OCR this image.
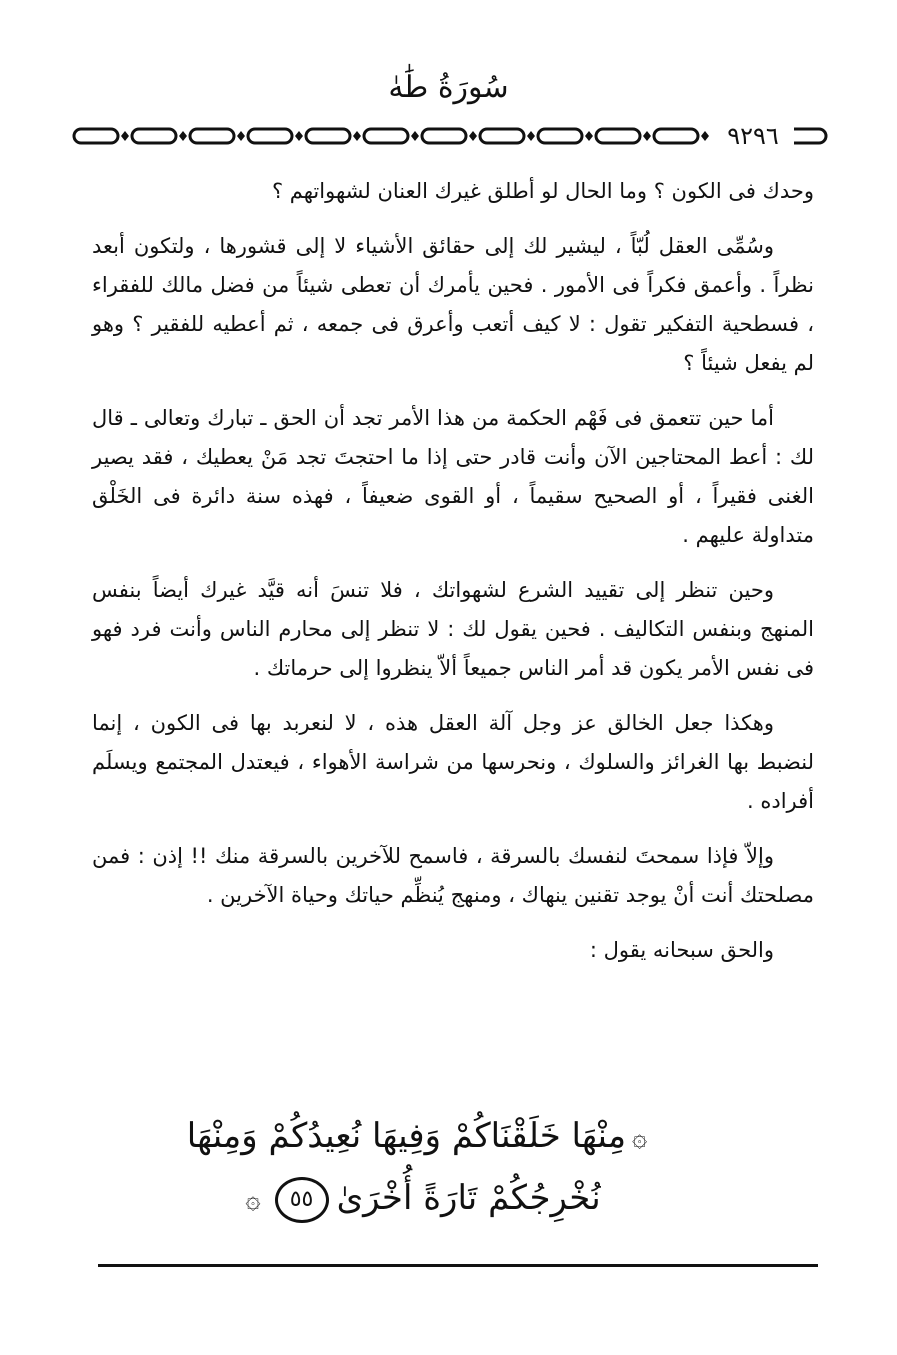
سُورَةُ طَٰهٰ
٩٢٩٦

وحدك فى الكون ؟ وما الحال لو أطلق غيرك العنان لشهواتهم ؟

وسُمِّى العقل لُبّاً ، ليشير لك إلى حقائق الأشياء لا إلى قشورها ، ولتكون أبعد نظراً . وأعمق فكراً فى الأمور . فحين يأمرك أن تعطى شيئاً من فضل مالك للفقراء ، فسطحية التفكير تقول : لا كيف أتعب وأعرق فى جمعه ، ثم أعطيه للفقير ؟ وهو لم يفعل شيئاً ؟

أما حين تتعمق فى فَهْم الحكمة من هذا الأمر تجد أن الحق ـ تبارك وتعالى ـ قال لك : أعط المحتاجين الآن وأنت قادر حتى إذا ما احتجتَ تجد مَنْ يعطيك ، فقد يصير الغنى فقيراً ، أو الصحيح سقيماً ، أو القوى ضعيفاً ، فهذه سنة دائرة فى الخَلْق متداولة عليهم .

وحين تنظر إلى تقييد الشرع لشهواتك ، فلا تنسَ أنه قيَّد غيرك أيضاً بنفس المنهج وبنفس التكاليف . فحين يقول لك : لا تنظر إلى محارم الناس وأنت فرد فهو فى نفس الأمر يكون قد أمر الناس جميعاً ألاّ ينظروا إلى حرماتك .

وهكذا جعل الخالق عز وجل آلة العقل هذه ، لا لنعربد بها فى الكون ، إنما لنضبط بها الغرائز والسلوك ، ونحرسها من شراسة الأهواء ، فيعتدل المجتمع ويسلَم أفراده .

وإلاّ فإذا سمحتَ لنفسك بالسرقة ، فاسمح للآخرين بالسرقة منك !! إذن : فمن مصلحتك أنت أنْ يوجد تقنين ينهاك ، ومنهج يُنظِّم حياتك وحياة الآخرين .

والحق سبحانه يقول :

۞مِنْهَا خَلَقْنَاكُمْ وَفِيهَا نُعِيدُكُمْ وَمِنْهَا
نُخْرِجُكُمْ تَارَةً أُخْرَىٰ٥٥۞
